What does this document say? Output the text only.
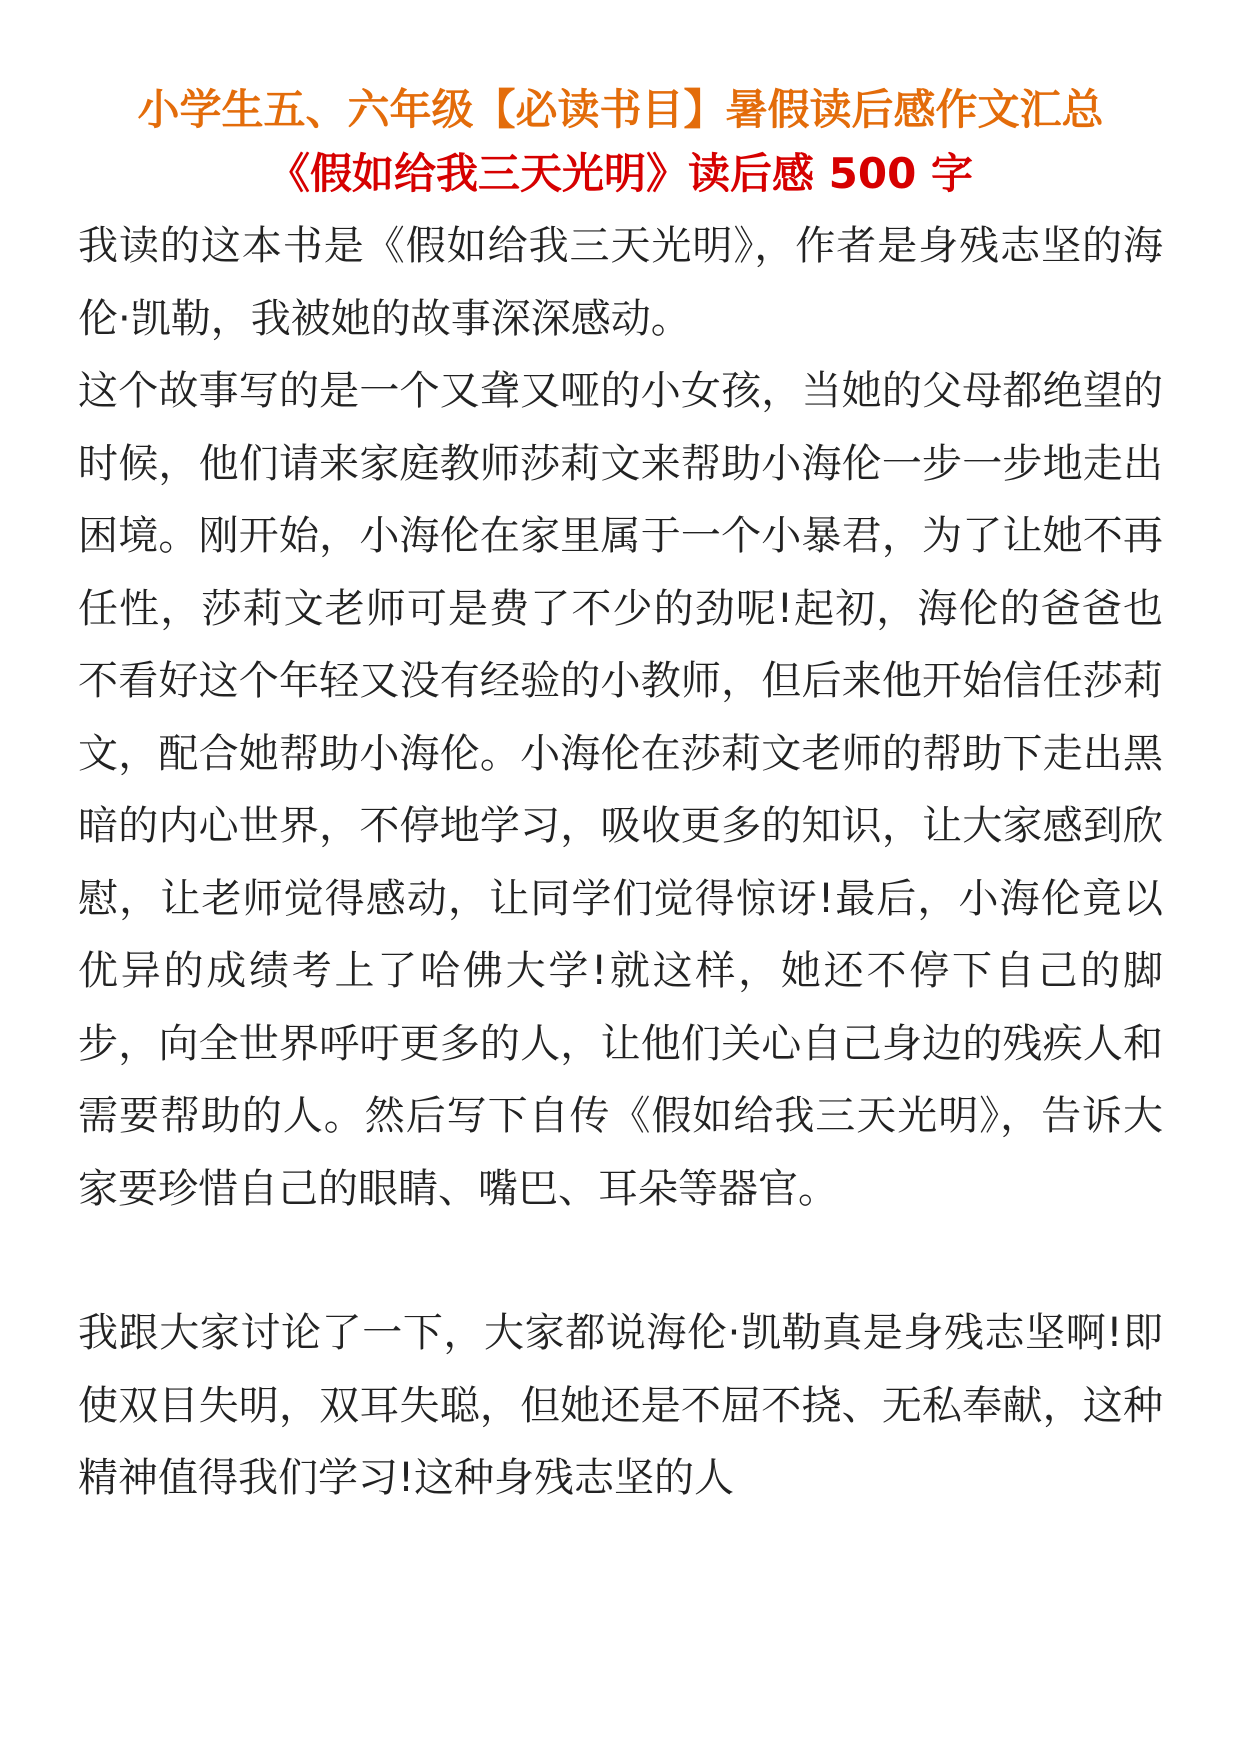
小学生五、六年级【必读书目】暑假读后感作文汇总
《假如给我三天光明》读后感 500 字

我读的这本书是《假如给我三天光明》，作者是身残志坚的海伦·凯勒，我被她的故事深深感动。

这个故事写的是一个又聋又哑的小女孩，当她的父母都绝望的时候，他们请来家庭教师莎莉文来帮助小海伦一步一步地走出困境。刚开始，小海伦在家里属于一个小暴君，为了让她不再任性，莎莉文老师可是费了不少的劲呢!起初，海伦的爸爸也不看好这个年轻又没有经验的小教师，但后来他开始信任莎莉文，配合她帮助小海伦。小海伦在莎莉文老师的帮助下走出黑暗的内心世界，不停地学习，吸收更多的知识，让大家感到欣慰，让老师觉得感动，让同学们觉得惊讶!最后，小海伦竟以优异的成绩考上了哈佛大学!就这样，她还不停下自己的脚步，向全世界呼吁更多的人，让他们关心自己身边的残疾人和需要帮助的人。然后写下自传《假如给我三天光明》，告诉大家要珍惜自己的眼睛、嘴巴、耳朵等器官。

我跟大家讨论了一下，大家都说海伦·凯勒真是身残志坚啊!即使双目失明，双耳失聪，但她还是不屈不挠、无私奉献，这种精神值得我们学习!这种身残志坚的人
